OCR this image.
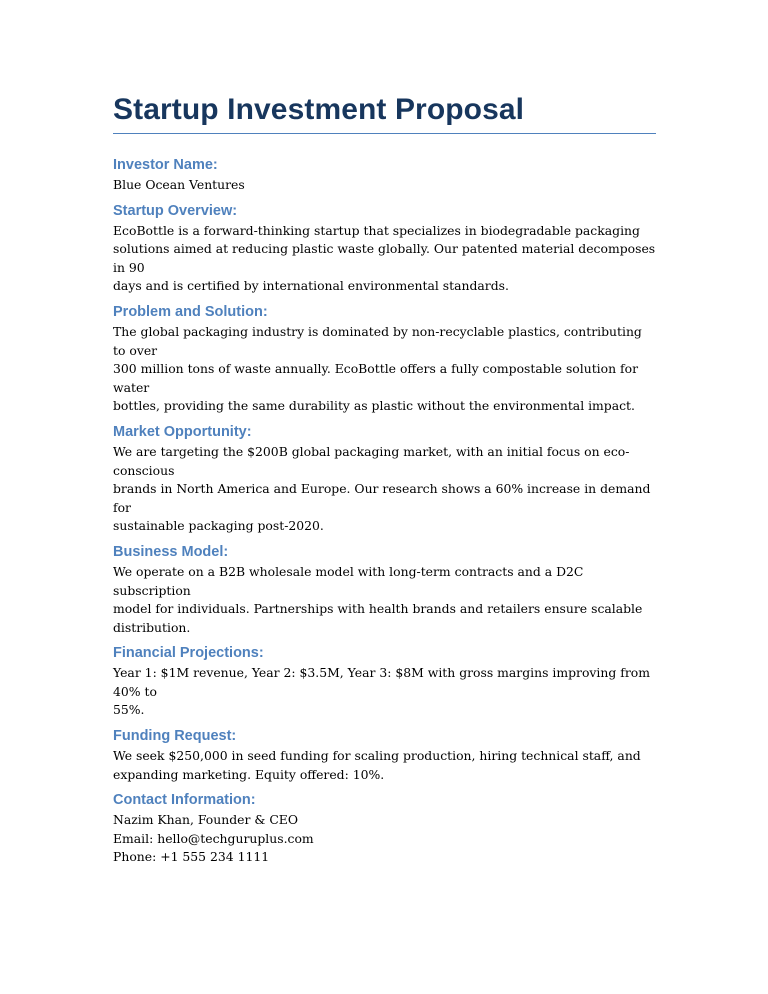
Startup Investment Proposal
Investor Name:

Blue Ocean Ventures

Startup Overview:
EcoBottle is a forward-thinking startup that specializes in biodegradable packaging
solutions aimed at reducing plastic waste globally. Our patented material decomposes in 90
days and is certified by international environmental standards.
Problem and Solution:
The global packaging industry is dominated by non-recyclable plastics, contributing to over
300 million tons of waste annually. EcoBottle offers a fully compostable solution for water
bottles, providing the same durability as plastic without the environmental impact.
Market Opportunity:
We are targeting the $200B global packaging market, with an initial focus on eco-conscious
brands in North America and Europe. Our research shows a 60% increase in demand for
sustainable packaging post-2020.
Business Model:
We operate on a B2B wholesale model with long-term contracts and a D2C subscription
model for individuals. Partnerships with health brands and retailers ensure scalable
distribution.
Financial Projections:
Year 1: $1M revenue, Year 2: $3.5M, Year 3: $8M with gross margins improving from 40% to
55%.
Funding Request:
We seek $250,000 in seed funding for scaling production, hiring technical staff, and
expanding marketing. Equity offered: 10%.
Contact Information:
Nazim Khan, Founder & CEO
Email: hello@techguruplus.com
Phone: +1 555 234 1111
